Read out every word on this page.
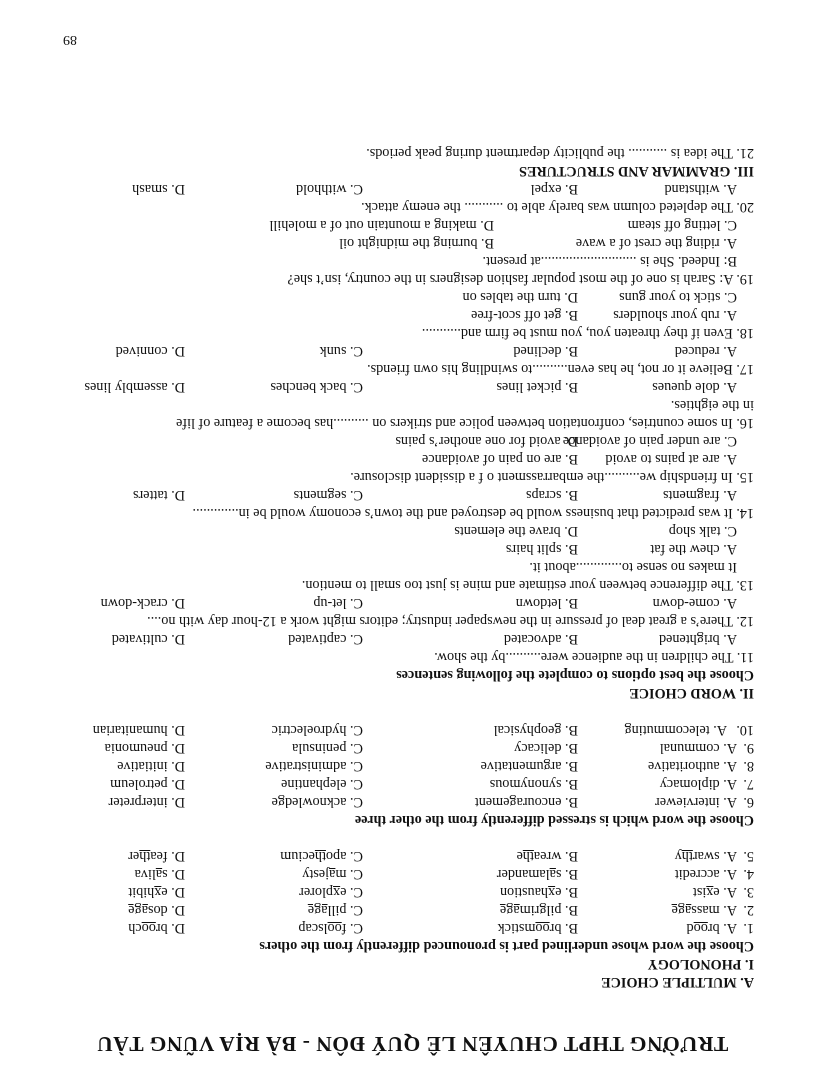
TRƯỜNG THPT CHUYÊN LÊ QUÝ ĐÔN - BÀ RỊA VŨNG TÀU
A. MULTIPLE CHOICE
I. PHONOLOGY
Choose the word whose underlined part is pronounced differently from the others
1.
A. brood
B. broomstick
C. foolscap
D. brooch
2.
A. massage
B. pilgrimage
C. pillage
D. dosage
3.
A. exist
B. exhaustion
C. explorer
D. exhibit
4.
A. accredit
B. salamander
C. majesty
D. saliva
5.
A. swarthy
B. wreathe
C. apothecium
D. feather
Choose the word which is stressed differently from the other three
6.
A. interviewer
B. encouragement
C. acknowledge
D. interpreter
7.
A. diplomacy
B. synonymous
C. elephantine
D. petroleum
8.
A. authoritative
B. argumentative
C. administrative
D. initiative
9.
A. communal
B. delicacy
C. peninsula
D. pneumonia
10.
A. telecommuting
B. geophysical
C. hydroelectric
D. humanitarian
II. WORD CHOICE
Choose the best options to complete the following sentences
11. The children in the audience were..........by the show.
A. brightened
B. advocated
C. captivated
D. cultivated
12. There’s a great deal of pressure in the newspaper industry; editors might work a 12-hour day with no....
A. come-down
B. letdown
C. let-up
D. crack-down
13. The difference between your estimate and mine is just too small to mention.
It makes no sense to.............about it.
A. chew the fat
B. split hairs
C. talk shop
D. brave the elements
14. It was predicted that business would be destroyed and the town’s economy would be in.............
A. fragments
B. scraps
C. segments
D. tatters
15. In friendship we..........the embarrassment o f a dissident disclosure.
A. are at pains to avoid
B. are on pain of avoidance
C. are under pain of avoidance
D. avoid for one another’s pains
16. In some countries, confrontation between police and strikers on ..........has become a feature of life
in the eighties.
A. dole queues
B. picket lines
C. back benches
D. assembly lines
17. Believe it or not, he has even..........to swindling his own friends.
A. reduced
B. declined
C. sunk
D. connived
18. Even if they threaten you, you must be firm and...........
A. rub your shoulders
B. get off scot-free
C. stick to your guns
D. turn the tables on
19. A: Sarah is one of the most popular fashion designers in the country, isn’t she?
B: Indeed. She is ...........................at present.
A. riding the crest of a wave
B. burning the midnight oil
C. letting off steam
D. making a mountain out of a molehill
20. The depleted column was barely able to ........... the enemy attack.
A. withstand
B. expel
C. withhold
D. smash
III. GRAMMAR AND STRUCTURES
21. The idea is ........... the publicity department during peak periods.
89
